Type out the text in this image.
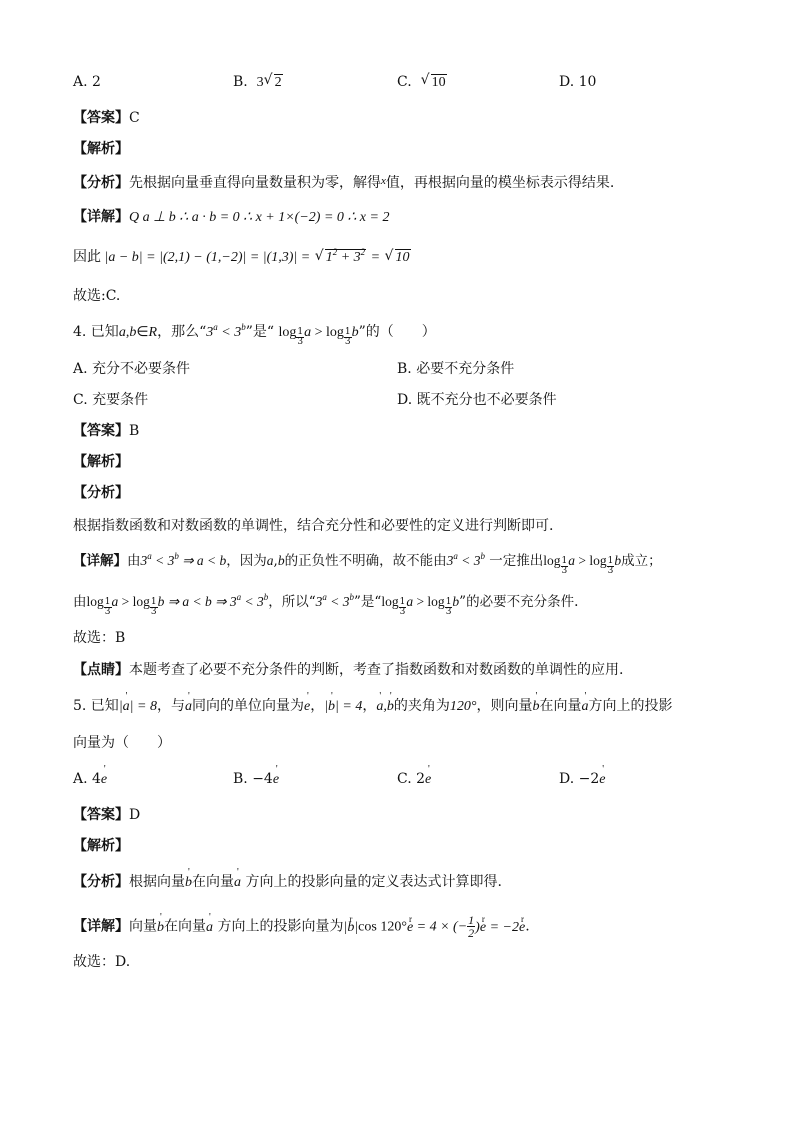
A. 2	B. 3 √ 2	C. √ 10	D. 10
【答案】C
【解析】
【分析】先根据向量垂直得向量数量积为零，解得$^x$值，再根据向量的模坐标表示得结果.
【详解】Q a ⊥ b ∴ a · b = 0 ∴ x + 1×(−2) = 0 ∴ x = 2
因此 |a − b| = |(2,1) − (1,−2)| = |(1,3)| = √ $1^2 + 3^2$ = √ 10
故选:C.
4. 已知a,b∈R，那么“$3^a < 3^b$”是“ $\log \frac{1}{3}$ $a > \log \frac{1}{3} b$”的（　　）
A. 充分不必要条件	B. 必要不充分条件
C. 充要条件	D. 既不充分也不必要条件
【答案】B
【解析】
【分析】
根据指数函数和对数函数的单调性，结合充分性和必要性的定义进行判断即可.
【详解】由$3^a < 3^b$ ⇒ a < b，因为a,b的正负性不明确，故不能由$3^a < 3^b$ 一定推出$\log \frac{1}{3}$ $a > \log \frac{1}{3}$ b成立；
由$\log \frac{1}{3}$ $a > \log \frac{1}{3}$ b ⇒ a < b ⇒ $3^a < 3^b$，所以“$3^a < 3^b$”是“$\log \frac{1}{3}$ $a > \log \frac{1}{3} b$”的必要不充分条件.
故选：B
【点睛】本题考查了必要不充分条件的判断，考查了指数函数和对数函数的单调性的应用.
5. 已知|' a| = 8，与' a同向的单位向量为' e，|' b| = 4，' a,' b的夹角为120°，则向量' b在向量' a方向上的投影
向量为（　　）
A. 4' e	B. −4' e	C. 2' e	D. −2' e
【答案】D
【解析】
【分析】根据向量' b在向量' a 方向上的投影向量的定义表达式计算即得.
【详解】向量' b在向量' a 方向上的投影向量为|r b|cos 120°r e = 4 × (− $\frac{1}{2} )r$ e = −2r e.
故选：D.
